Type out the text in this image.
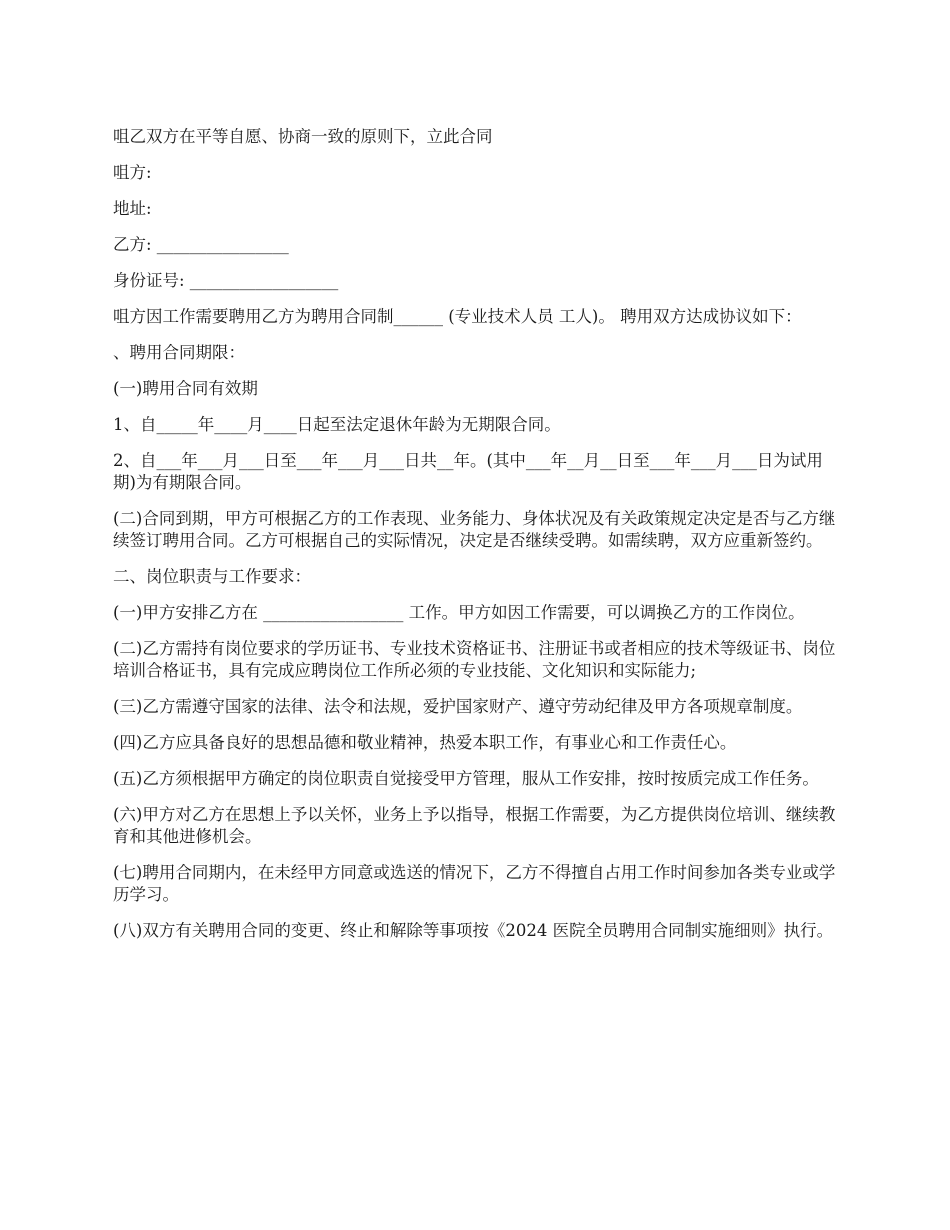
咀乙双方在平等自愿、协商一致的原则下，立此合同

咀方:

地址:

乙方: ________________

身份证号: __________________

咀方因工作需要聘用乙方为聘用合同制______ (专业技术人员 工人)。 聘用双方达成协议如下：

、聘用合同期限：

(一)聘用合同有效期

1、自_____年____月____日起至法定退休年龄为无期限合同。

2、自___年___月___日至___年___月___日共__年。(其中___年__月__日至___年___月___日为试用期)为有期限合同。

(二)合同到期，甲方可根据乙方的工作表现、业务能力、身体状况及有关政策规定决定是否与乙方继续签订聘用合同。乙方可根据自己的实际情况，决定是否继续受聘。如需续聘，双方应重新签约。

二、岗位职责与工作要求：

(一)甲方安排乙方在 _________________ 工作。甲方如因工作需要，可以调换乙方的工作岗位。

(二)乙方需持有岗位要求的学历证书、专业技术资格证书、注册证书或者相应的技术等级证书、岗位培训合格证书，具有完成应聘岗位工作所必须的专业技能、文化知识和实际能力;

(三)乙方需遵守国家的法律、法令和法规，爱护国家财产、遵守劳动纪律及甲方各项规章制度。

(四)乙方应具备良好的思想品德和敬业精神，热爱本职工作，有事业心和工作责任心。

(五)乙方须根据甲方确定的岗位职责自觉接受甲方管理，服从工作安排，按时按质完成工作任务。

(六)甲方对乙方在思想上予以关怀，业务上予以指导，根据工作需要，为乙方提供岗位培训、继续教育和其他进修机会。

(七)聘用合同期内，在未经甲方同意或选送的情况下，乙方不得擅自占用工作时间参加各类专业或学历学习。

(八)双方有关聘用合同的变更、终止和解除等事项按《2024 医院全员聘用合同制实施细则》执行。
